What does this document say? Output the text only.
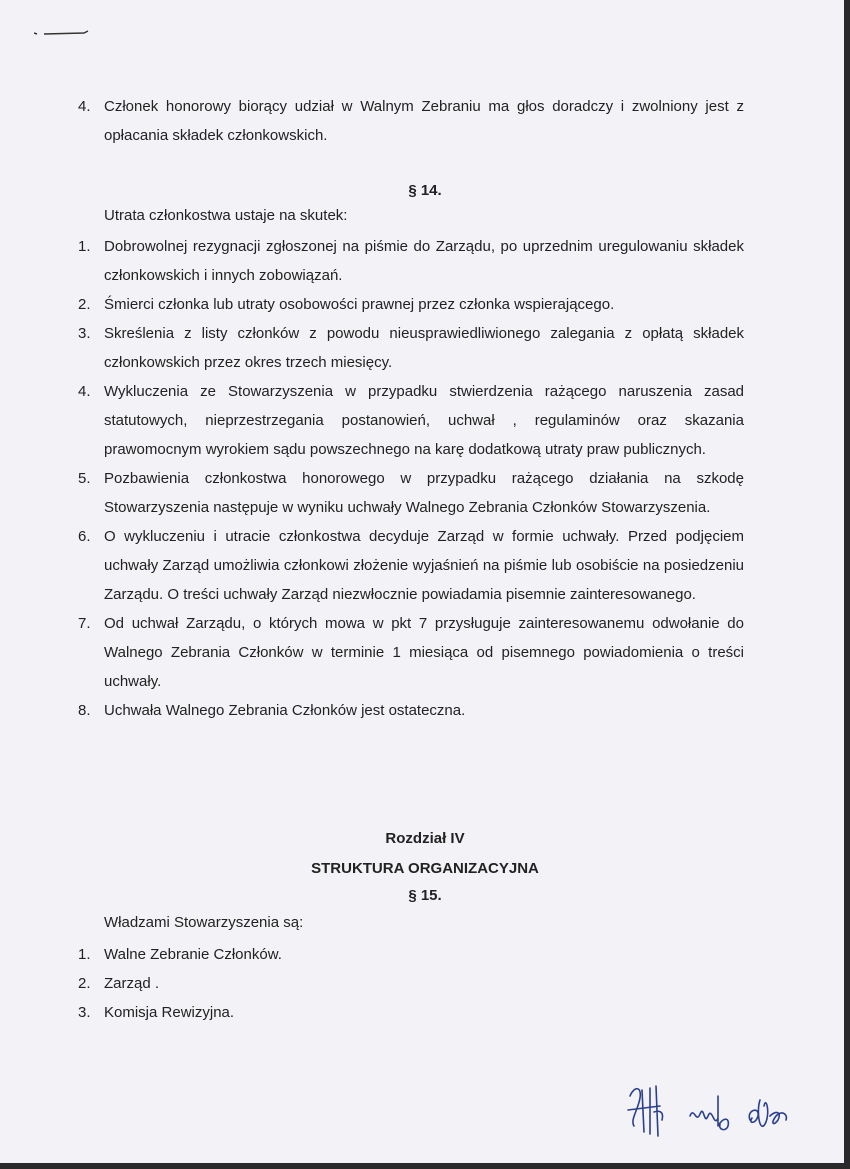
4. Członek honorowy biorący udział w Walnym Zebraniu ma głos doradczy i zwolniony jest z opłacania składek członkowskich.
§ 14.
Utrata członkostwa ustaje na skutek:
1. Dobrowolnej rezygnacji zgłoszonej na piśmie do Zarządu, po uprzednim uregulowaniu składek członkowskich i innych zobowiązań.
2. Śmierci członka lub utraty osobowości prawnej przez członka wspierającego.
3. Skreślenia z listy członków z powodu nieusprawiedliwionego zalegania z opłatą składek członkowskich przez okres trzech miesięcy.
4. Wykluczenia ze Stowarzyszenia w przypadku stwierdzenia rażącego naruszenia zasad statutowych, nieprzestrzegania postanowień, uchwał , regulaminów oraz skazania prawomocnym wyrokiem sądu powszechnego na karę dodatkową utraty praw publicznych.
5. Pozbawienia członkostwa honorowego w przypadku rażącego działania na szkodę Stowarzyszenia następuje w wyniku uchwały Walnego Zebrania Członków Stowarzyszenia.
6. O wykluczeniu i utracie członkostwa decyduje Zarząd w formie uchwały. Przed podjęciem uchwały Zarząd umożliwia członkowi złożenie wyjaśnień na piśmie lub osobiście na posiedzeniu Zarządu. O treści uchwały Zarząd niezwłocznie powiadamia pisemnie zainteresowanego.
7. Od uchwał Zarządu, o których mowa w pkt 7 przysługuje zainteresowanemu odwołanie do Walnego Zebrania Członków w terminie 1 miesiąca od pisemnego powiadomienia o treści uchwały.
8. Uchwała Walnego Zebrania Członków jest ostateczna.
Rozdział IV
STRUKTURA ORGANIZACYJNA
§ 15.
Władzami Stowarzyszenia są:
1. Walne Zebranie Członków.
2. Zarząd .
3. Komisja Rewizyjna.
